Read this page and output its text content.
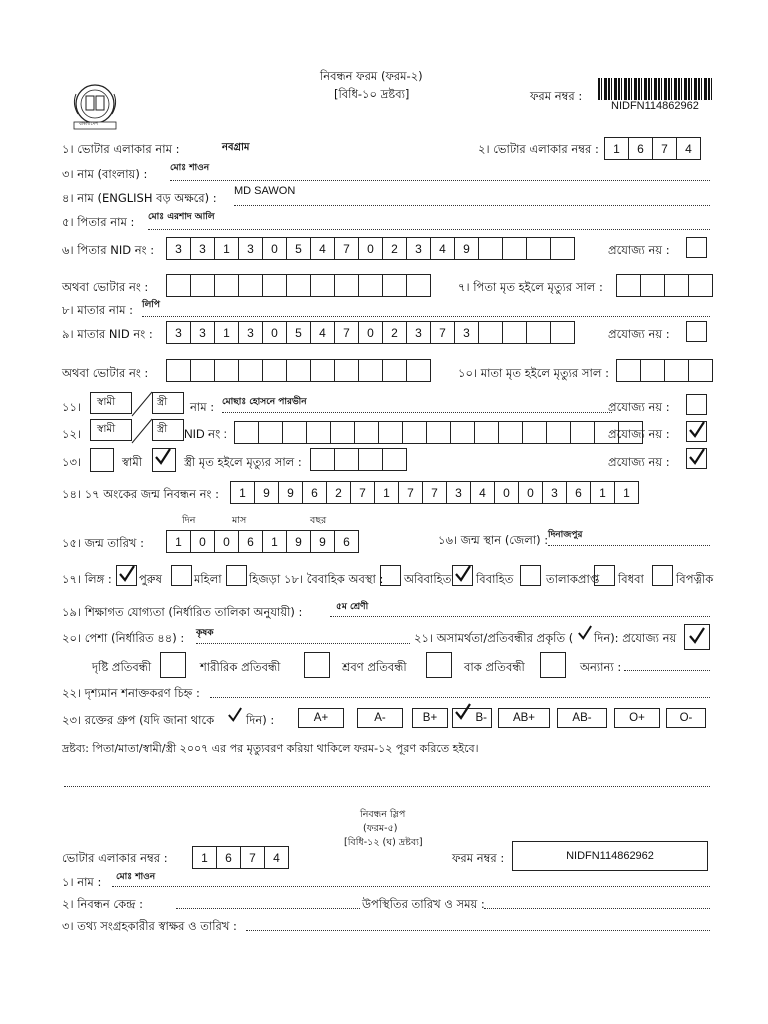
বাংলাদেশ
নিবন্ধন ফরম (ফরম-২)
[বিধি-১০ দ্রষ্টব্য]	ফরম নম্বর :
NIDFN114862962
১। ভোটার এলাকার নাম :	নবগ্রাম	২। ভোটার এলাকার নম্বর :	1	6	7	4
৩। নাম (বাংলায়) :	মোঃ শাওন
৪। নাম (ENGLISH বড় অক্ষরে) : MD SAWON
৫। পিতার নাম : মোঃ এরশাদ আলি
৬। পিতার NID নং :	3	3	1	3	0	5	4	7	0	2	3	4	9	প্রযোজ্য নয় :
অথবা ভোটার নং :	৭। পিতা মৃত হইলে মৃত্যুর সাল :
৮। মাতার নাম : লিপি
৯। মাতার NID নং :	3	3	1	3	0	5	4	7	0	2	3	7	3	প্রযোজ্য নয় :
অথবা ভোটার নং :	১০। মাতা মৃত হইলে মৃত্যুর সাল :
১১। স্বামী	স্ত্রী নাম : মোছাঃ হোসনে পারভীন	প্রযোজ্য নয় :
১২। স্বামী	স্ত্রী NID নং :	প্রযোজ্য নয় :
১৩।	স্বামী	স্ত্রী মৃত হইলে মৃত্যুর সাল :	প্রযোজ্য নয় :
১৪। ১৭ অংকের জন্ম নিবন্ধন নং :	1	9	9	6	2	7	1	7	7	3	4	0	0	3	6	1	1
দিন	মাস	বছর
১৫। জন্ম তারিখ :	1	0	0	6	1	9	9	6	১৬। জন্ম স্থান (জেলা) : দিনাজপুর
১৭। লিঙ্গ : পুরুষ	মহিলা হিজড়া ১৮। বৈবাহিক অবস্থা : অবিবাহিত বিবাহিত	তালাকপ্রাপ্ত বিধবা	বিপত্নীক
১৯। শিক্ষাগত যোগ্যতা (নির্ধারিত তালিকা অনুযায়ী) :	৫ম শ্রেণী
২০। পেশা (নির্ধারিত ৪৪) : কৃষক	২১। অসামর্থতা/প্রতিবন্ধীর প্রকৃতি ( দিন): প্রযোজ্য নয়
দৃষ্টি প্রতিবন্ধী	শারীরিক প্রতিবন্ধী	শ্রবণ প্রতিবন্ধী	বাক প্রতিবন্ধী	অন্যান্য :
২২। দৃশ্যমান শনাক্তকরণ চিহ্ন :
২৩। রক্তের গ্রুপ (যদি জানা থাকে	দিন) :
দ্রষ্টব্য: পিতা/মাতা/স্বামী/স্ত্রী ২০০৭ এর পর মৃত্যুবরণ করিয়া থাকিলে ফরম-১২ পূরণ করিতে হইবে।
নিবন্ধন স্লিপ
(ফরম-৫)
[বিধি-১২ (ঘ) দ্রষ্টব্য]
ভোটার এলাকার নম্বর :	1	6	7	4	ফরম নম্বর :	NIDFN114862962
১। নাম : মোঃ শাওন
২। নিবন্ধন কেন্দ্র :	উপস্থিতির তারিখ ও সময় :
৩। তথ্য সংগ্রহকারীর স্বাক্ষর ও তারিখ :
A+	A-	B+	B- AB+	AB-	O+	O-
